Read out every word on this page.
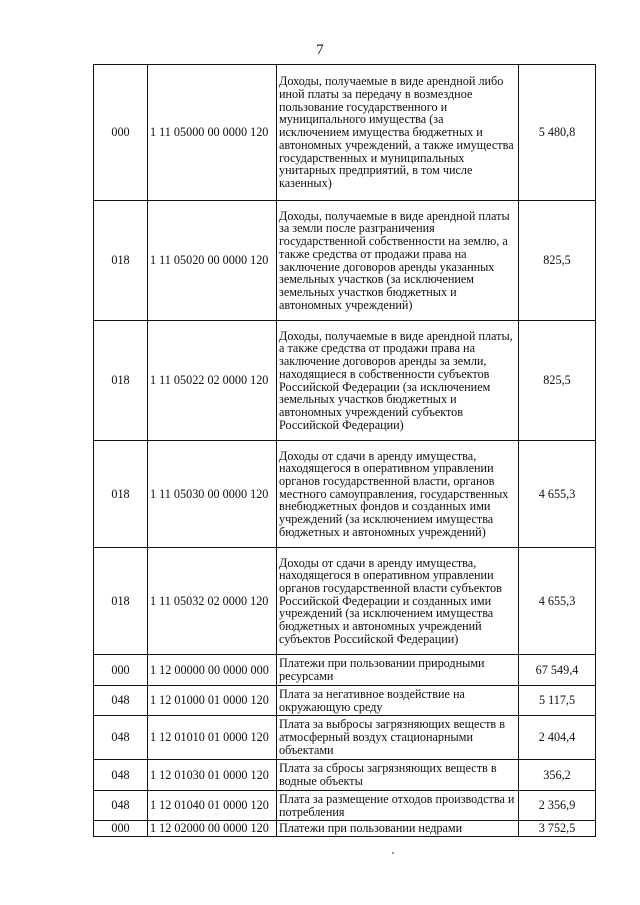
7
000	1 11 05000 00 0000 120	Доходы, получаемые в виде арендной либо иной платы за передачу в возмездное пользование государственного и муниципального имущества (за исключением имущества бюджетных и автономных учреждений, а также имущества государственных и муниципальных унитарных предприятий, в том числе казенных)	5 480,8
018	1 11 05020 00 0000 120	Доходы, получаемые в виде арендной платы за земли после разграничения государственной собственности на землю, а также средства от продажи права на заключение договоров аренды указанных земельных участков (за исключением земельных участков бюджетных и автономных учреждений)	825,5
018	1 11 05022 02 0000 120	Доходы, получаемые в виде арендной платы, а также средства от продажи права на заключение договоров аренды за земли, находящиеся в собственности субъектов Российской Федерации (за исключением земельных участков бюджетных и автономных учреждений субъектов Российской Федерации)	825,5
018	1 11 05030 00 0000 120	Доходы от сдачи в аренду имущества, находящегося в оперативном управлении органов государственной власти, органов местного самоуправления, государственных внебюджетных фондов и созданных ими учреждений (за исключением имущества бюджетных и автономных учреждений)	4 655,3
018	1 11 05032 02 0000 120	Доходы от сдачи в аренду имущества, находящегося в оперативном управлении органов государственной власти субъектов Российской Федерации и созданных ими учреждений (за исключением имущества бюджетных и автономных учреждений субъектов Российской Федерации)	4 655,3
000	1 12 00000 00 0000 000	Платежи при пользовании природными ресурсами	67 549,4
048	1 12 01000 01 0000 120	Плата за негативное воздействие на окружающую среду	5 117,5
048	1 12 01010 01 0000 120	Плата за выбросы загрязняющих веществ в атмосферный воздух стационарными объектами	2 404,4
048	1 12 01030 01 0000 120	Плата за сбросы загрязняющих веществ в водные объекты	356,2
048	1 12 01040 01 0000 120	Плата за размещение отходов производства и потребления	2 356,9
000	1 12 02000 00 0000 120	Платежи при пользовании недрами	3 752,5
